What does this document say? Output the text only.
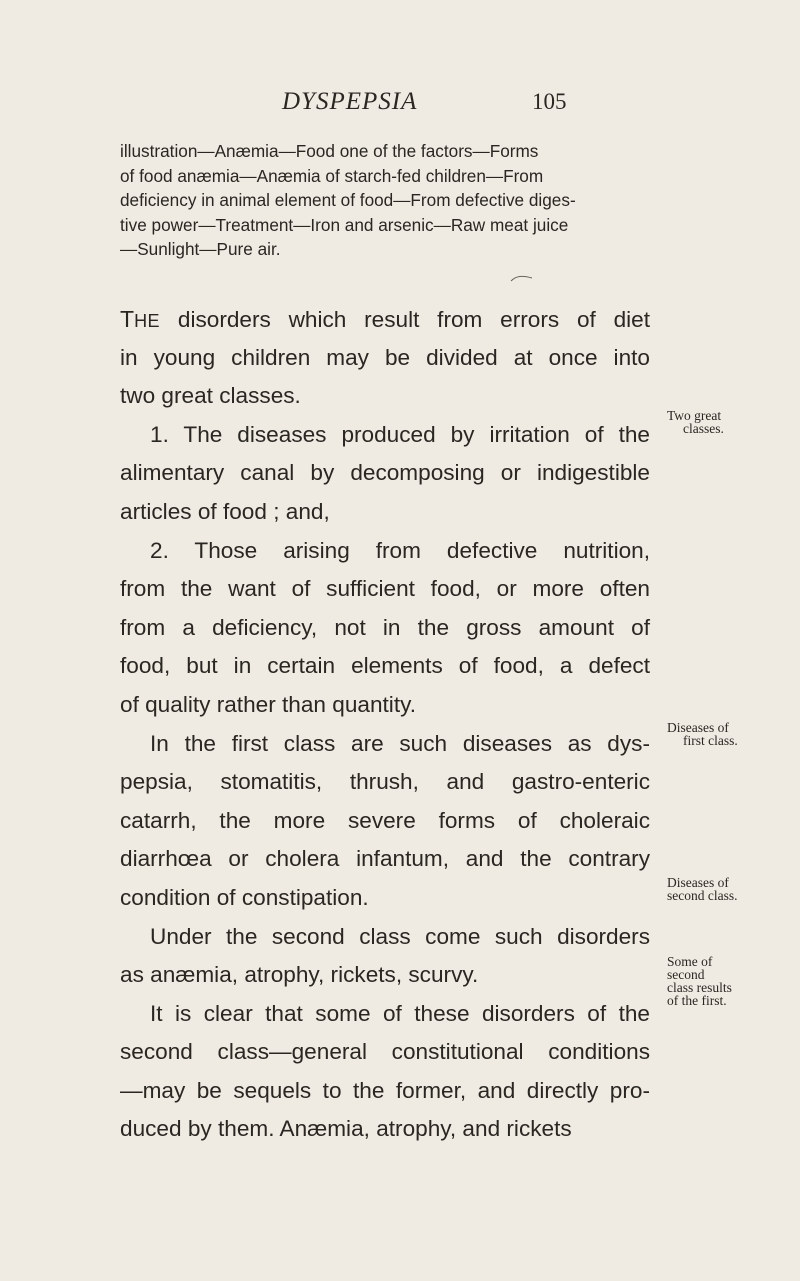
DYSPEPSIA	105
illustration—Anæmia—Food one of the factors—Forms
of food anæmia—Anæmia of starch-fed children—From
deficiency in animal element of food—From defective diges-
tive power—Treatment—Iron and arsenic—Raw meat juice
—Sunlight—Pure air.
THE disorders which result from errors of diet
in young children may be divided at once into
two great classes.
1. The diseases produced by irritation of the
alimentary canal by decomposing or indigestible
articles of food ; and,
2. Those arising from defective nutrition,
from the want of sufficient food, or more often
from a deficiency, not in the gross amount of
food, but in certain elements of food, a defect
of quality rather than quantity.
In the first class are such diseases as dys-
pepsia, stomatitis, thrush, and gastro-enteric
catarrh, the more severe forms of choleraic
diarrhœa or cholera infantum, and the contrary
condition of constipation.
Under the second class come such disorders
as anæmia, atrophy, rickets, scurvy.
It is clear that some of these disorders of the
second class—general constitutional conditions
—may be sequels to the former, and directly pro-
duced by them. Anæmia, atrophy, and rickets
Two great
classes.
Diseases of
first class.
Diseases of
second class.
Some of
second
class results
of the first.
